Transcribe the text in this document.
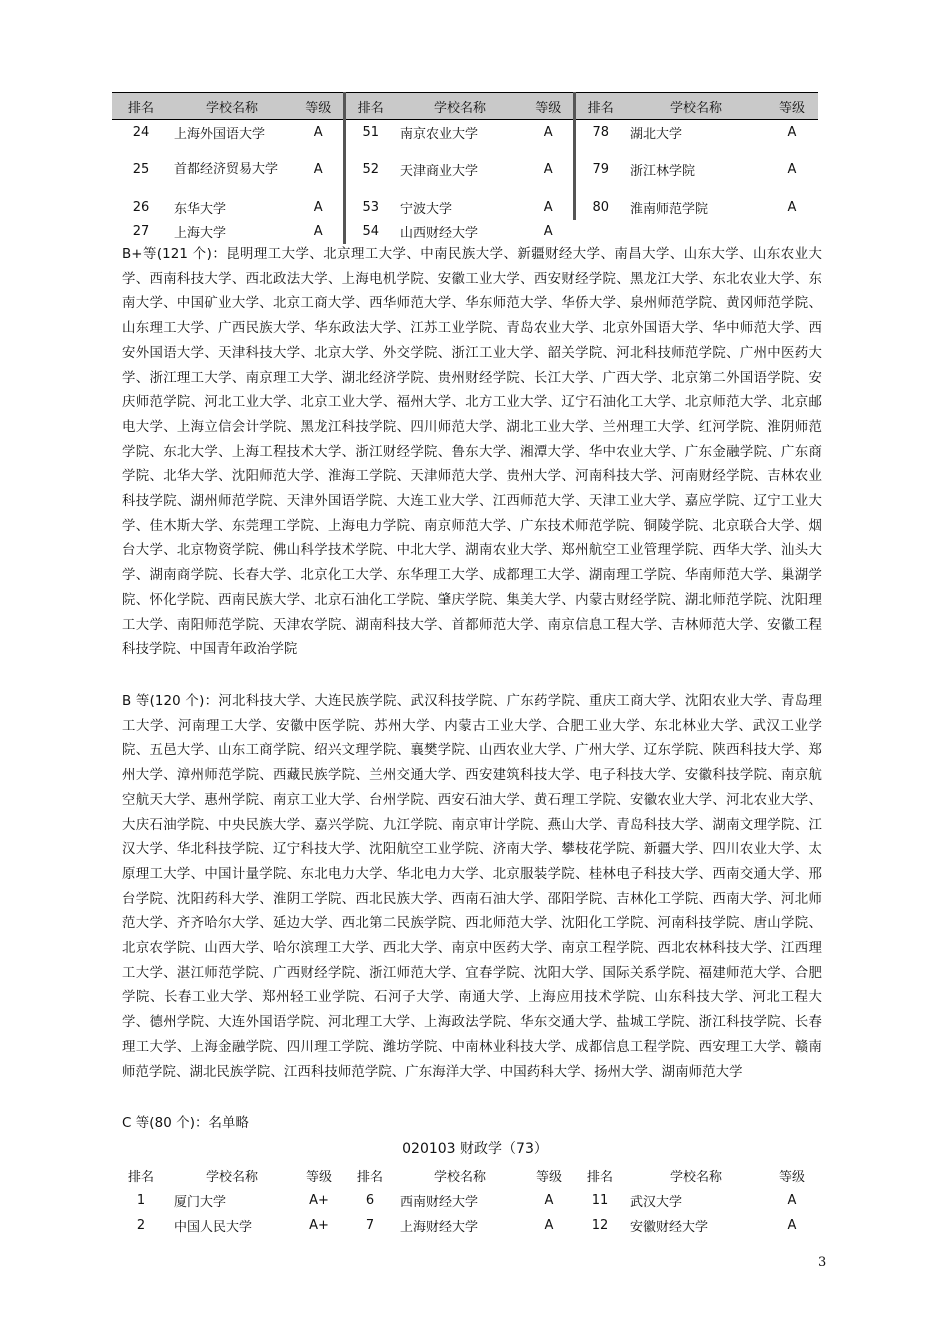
排名	学校名称	等级	排名	学校名称	等级	排名	学校名称	等级
24	上海外国语大学	A	51	南京农业大学	A	78	湖北大学	A
25	首都经济贸易大学	A	52	天津商业大学	A	79	浙江林学院	A
26	东华大学	A	53	宁波大学	A	80	淮南师范学院	A
27	上海大学	A	54	山西财经大学	A			

B+等(121 个)：昆明理工大学、北京理工大学、中南民族大学、新疆财经大学、南昌大学、山东大学、山东农业大学、西南科技大学、西北政法大学、上海电机学院、安徽工业大学、西安财经学院、黑龙江大学、东北农业大学、东南大学、中国矿业大学、北京工商大学、西华师范大学、华东师范大学、华侨大学、泉州师范学院、黄冈师范学院、山东理工大学、广西民族大学、华东政法大学、江苏工业学院、青岛农业大学、北京外国语大学、华中师范大学、西安外国语大学、天津科技大学、北京大学、外交学院、浙江工业大学、韶关学院、河北科技师范学院、广州中医药大学、浙江理工大学、南京理工大学、湖北经济学院、贵州财经学院、长江大学、广西大学、北京第二外国语学院、安庆师范学院、河北工业大学、北京工业大学、福州大学、北方工业大学、辽宁石油化工大学、北京师范大学、北京邮电大学、上海立信会计学院、黑龙江科技学院、四川师范大学、湖北工业大学、兰州理工大学、红河学院、淮阴师范学院、东北大学、上海工程技术大学、浙江财经学院、鲁东大学、湘潭大学、华中农业大学、广东金融学院、广东商学院、北华大学、沈阳师范大学、淮海工学院、天津师范大学、贵州大学、河南科技大学、河南财经学院、吉林农业科技学院、湖州师范学院、天津外国语学院、大连工业大学、江西师范大学、天津工业大学、嘉应学院、辽宁工业大学、佳木斯大学、东莞理工学院、上海电力学院、南京师范大学、广东技术师范学院、铜陵学院、北京联合大学、烟台大学、北京物资学院、佛山科学技术学院、中北大学、湖南农业大学、郑州航空工业管理学院、西华大学、汕头大学、湖南商学院、长春大学、北京化工大学、东华理工大学、成都理工大学、湖南理工学院、华南师范大学、巢湖学院、怀化学院、西南民族大学、北京石油化工学院、肇庆学院、集美大学、内蒙古财经学院、湖北师范学院、沈阳理工大学、南阳师范学院、天津农学院、湖南科技大学、首都师范大学、南京信息工程大学、吉林师范大学、安徽工程科技学院、中国青年政治学院

B 等(120 个)：河北科技大学、大连民族学院、武汉科技学院、广东药学院、重庆工商大学、沈阳农业大学、青岛理工大学、河南理工大学、安徽中医学院、苏州大学、内蒙古工业大学、合肥工业大学、东北林业大学、武汉工业学院、五邑大学、山东工商学院、绍兴文理学院、襄樊学院、山西农业大学、广州大学、辽东学院、陕西科技大学、郑州大学、漳州师范学院、西藏民族学院、兰州交通大学、西安建筑科技大学、电子科技大学、安徽科技学院、南京航空航天大学、惠州学院、南京工业大学、台州学院、西安石油大学、黄石理工学院、安徽农业大学、河北农业大学、大庆石油学院、中央民族大学、嘉兴学院、九江学院、南京审计学院、燕山大学、青岛科技大学、湖南文理学院、江汉大学、华北科技学院、辽宁科技大学、沈阳航空工业学院、济南大学、攀枝花学院、新疆大学、四川农业大学、太原理工大学、中国计量学院、东北电力大学、华北电力大学、北京服装学院、桂林电子科技大学、西南交通大学、邢台学院、沈阳药科大学、淮阴工学院、西北民族大学、西南石油大学、邵阳学院、吉林化工学院、西南大学、河北师范大学、齐齐哈尔大学、延边大学、西北第二民族学院、西北师范大学、沈阳化工学院、河南科技学院、唐山学院、北京农学院、山西大学、哈尔滨理工大学、西北大学、南京中医药大学、南京工程学院、西北农林科技大学、江西理工大学、湛江师范学院、广西财经学院、浙江师范大学、宜春学院、沈阳大学、国际关系学院、福建师范大学、合肥学院、长春工业大学、郑州轻工业学院、石河子大学、南通大学、上海应用技术学院、山东科技大学、河北工程大学、德州学院、大连外国语学院、河北理工大学、上海政法学院、华东交通大学、盐城工学院、浙江科技学院、长春理工大学、上海金融学院、四川理工学院、潍坊学院、中南林业科技大学、成都信息工程学院、西安理工大学、赣南师范学院、湖北民族学院、江西科技师范学院、广东海洋大学、中国药科大学、扬州大学、湖南师范大学

C 等(80 个)：名单略

020103 财政学（73）
排名	学校名称	等级	排名	学校名称	等级	排名	学校名称	等级
1	厦门大学	A+	6	西南财经大学	A	11	武汉大学	A
2	中国人民大学	A+	7	上海财经大学	A	12	安徽财经大学	A
3
